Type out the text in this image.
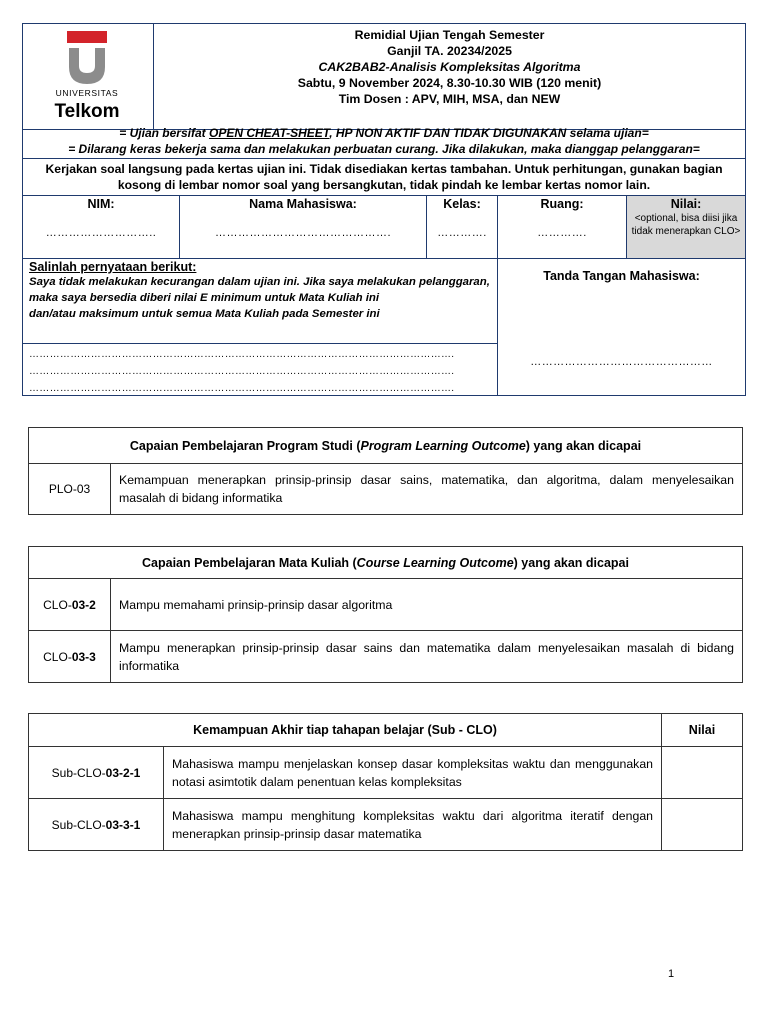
UNIVERSITAS
Telkom

Remidial Ujian Tengah Semester
Ganjil TA. 20234/2025
CAK2BAB2-Analisis Kompleksitas Algoritma
Sabtu, 9 November 2024, 8.30-10.30 WIB (120 menit)
Tim Dosen : APV, MIH, MSA, dan NEW
= Ujian bersifat OPEN CHEAT-SHEET, HP NON AKTIF DAN TIDAK DIGUNAKAN selama ujian=
= Dilarang keras bekerja sama dan melakukan perbuatan curang. Jika dilakukan, maka dianggap pelanggaran=
Kerjakan soal langsung pada kertas ujian ini. Tidak disediakan kertas tambahan. Untuk perhitungan, gunakan bagian kosong di lembar nomor soal yang bersangkutan, tidak pindah ke lembar kertas nomor lain.
NIM:
………………………..
Nama Mahasiswa:
……………………………………….
Kelas:
………….
Ruang:
………….
Nilai:
<optional, bisa diisi jika tidak menerapkan CLO>
Salinlah pernyataan berikut:
Saya tidak melakukan kecurangan dalam ujian ini. Jika saya melakukan pelanggaran, maka saya bersedia diberi nilai E minimum untuk Mata Kuliah ini
dan/atau maksimum untuk semua Mata Kuliah pada Semester ini
…………………………………………………………………………………………………………….
…………………………………………………………………………………………………………….
…………………………………………………………………………………………………………….
Tanda Tangan Mahasiswa:
…………………………………………
Capaian Pembelajaran Program Studi (Program Learning Outcome) yang akan dicapai
PLO-03	Kemampuan menerapkan prinsip-prinsip dasar sains, matematika, dan algoritma, dalam menyelesaikan masalah di bidang informatika
Capaian Pembelajaran Mata Kuliah (Course Learning Outcome) yang akan dicapai	
CLO-03-2	Mampu memahami prinsip-prinsip dasar algoritma
CLO-03-3	Mampu menerapkan prinsip-prinsip dasar sains dan matematika dalam menyelesaikan masalah di bidang informatika
Kemampuan Akhir tiap tahapan belajar (Sub - CLO)		Nilai
Sub-CLO-03-2-1	Mahasiswa mampu menjelaskan konsep dasar kompleksitas waktu dan menggunakan notasi asimtotik dalam penentuan kelas kompleksitas	
Sub-CLO-03-3-1	Mahasiswa mampu menghitung kompleksitas waktu dari algoritma iteratif dengan menerapkan prinsip-prinsip dasar matematika	
1
